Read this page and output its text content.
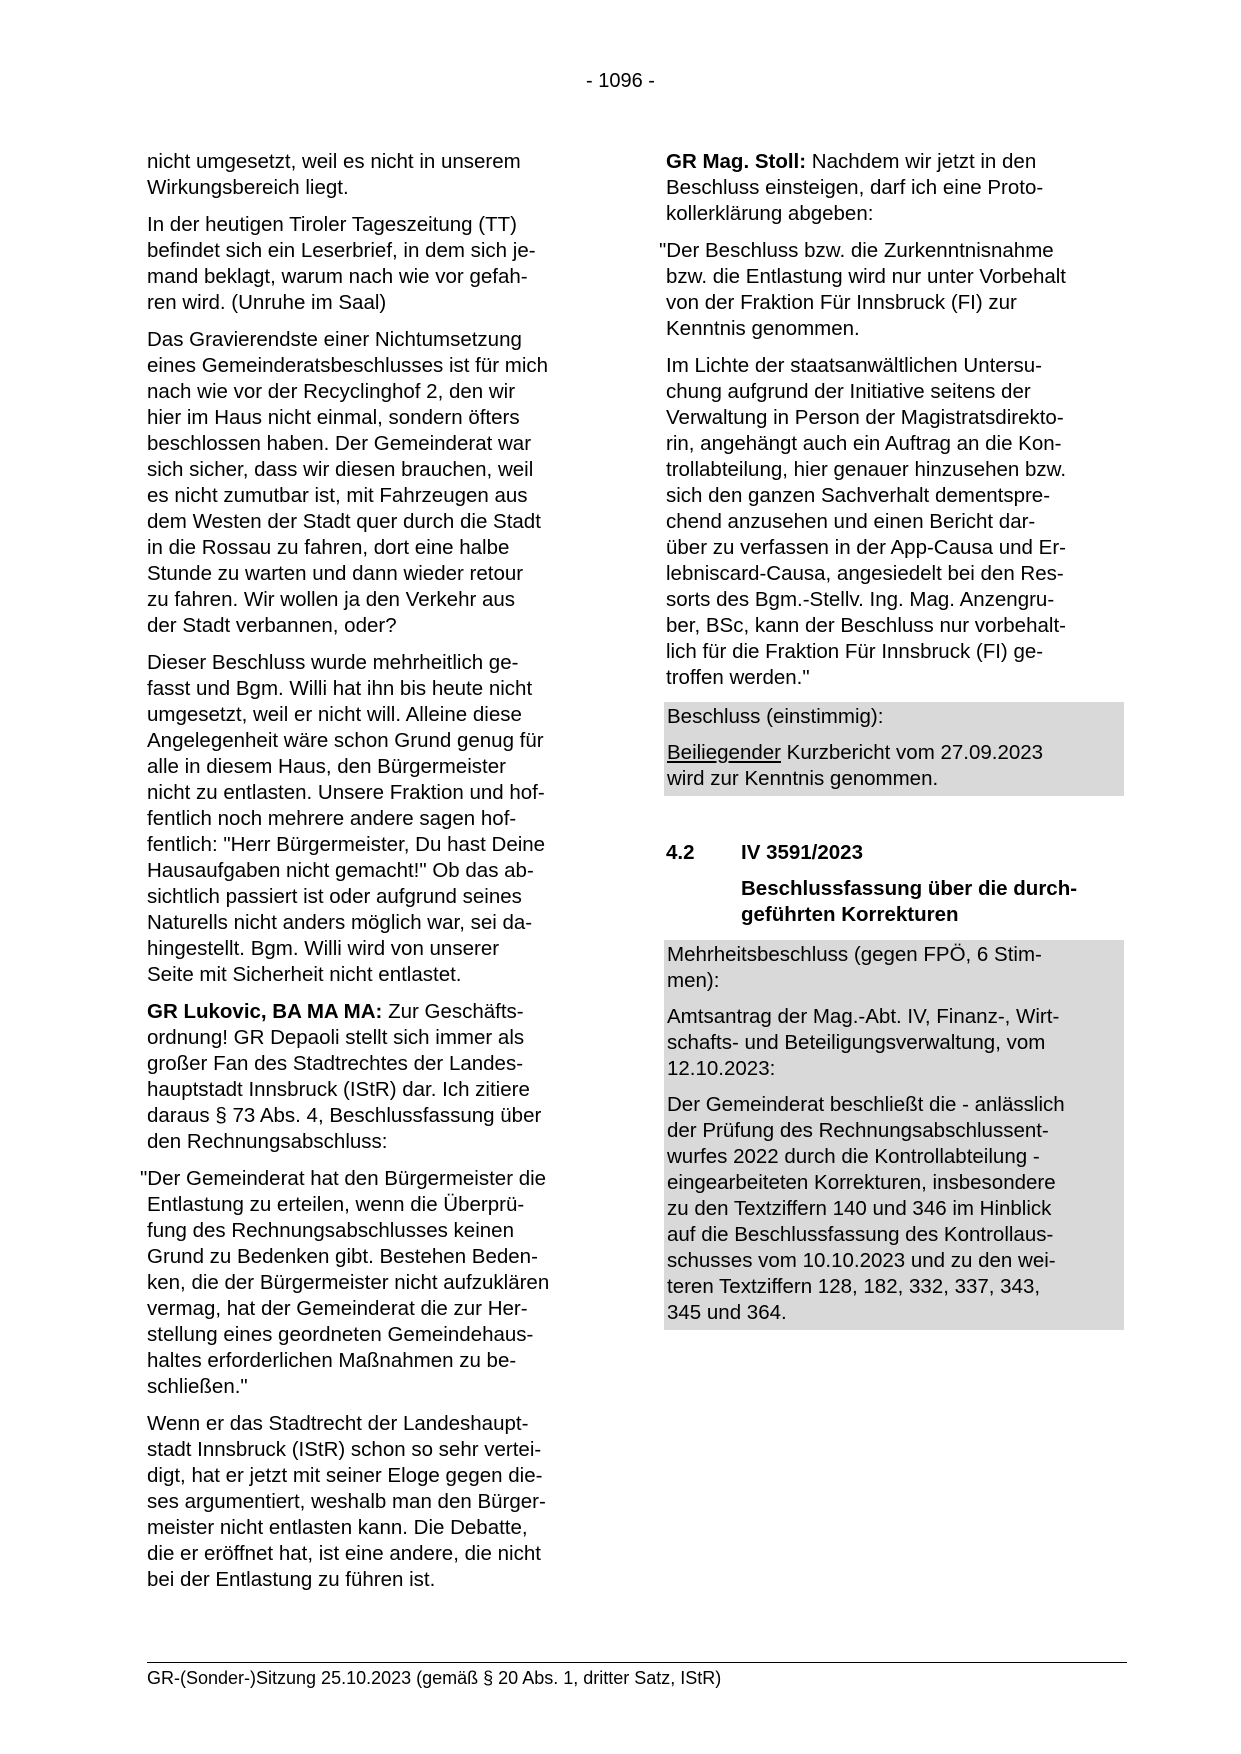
- 1096 -

nicht umgesetzt, weil es nicht in unserem
Wirkungsbereich liegt.

In der heutigen Tiroler Tageszeitung (TT)
befindet sich ein Leserbrief, in dem sich je-
mand beklagt, warum nach wie vor gefah-
ren wird. (Unruhe im Saal)

Das Gravierendste einer Nichtumsetzung
eines Gemeinderatsbeschlusses ist für mich
nach wie vor der Recyclinghof 2, den wir
hier im Haus nicht einmal, sondern öfters
beschlossen haben. Der Gemeinderat war
sich sicher, dass wir diesen brauchen, weil
es nicht zumutbar ist, mit Fahrzeugen aus
dem Westen der Stadt quer durch die Stadt
in die Rossau zu fahren, dort eine halbe
Stunde zu warten und dann wieder retour
zu fahren. Wir wollen ja den Verkehr aus
der Stadt verbannen, oder?

Dieser Beschluss wurde mehrheitlich ge-
fasst und Bgm. Willi hat ihn bis heute nicht
umgesetzt, weil er nicht will. Alleine diese
Angelegenheit wäre schon Grund genug für
alle in diesem Haus, den Bürgermeister
nicht zu entlasten. Unsere Fraktion und hof-
fentlich noch mehrere andere sagen hof-
fentlich: "Herr Bürgermeister, Du hast Deine
Hausaufgaben nicht gemacht!" Ob das ab-
sichtlich passiert ist oder aufgrund seines
Naturells nicht anders möglich war, sei da-
hingestellt. Bgm. Willi wird von unserer
Seite mit Sicherheit nicht entlastet.

GR Lukovic, BA MA MA: Zur Geschäfts-
ordnung! GR Depaoli stellt sich immer als
großer Fan des Stadtrechtes der Landes-
hauptstadt Innsbruck (IStR) dar. Ich zitiere
daraus § 73 Abs. 4, Beschlussfassung über
den Rechnungsabschluss:

"Der Gemeinderat hat den Bürgermeister die
Entlastung zu erteilen, wenn die Überprü-
fung des Rechnungsabschlusses keinen
Grund zu Bedenken gibt. Bestehen Beden-
ken, die der Bürgermeister nicht aufzuklären
vermag, hat der Gemeinderat die zur Her-
stellung eines geordneten Gemeindehaus-
haltes erforderlichen Maßnahmen zu be-
schließen."

Wenn er das Stadtrecht der Landeshaupt-
stadt Innsbruck (IStR) schon so sehr vertei-
digt, hat er jetzt mit seiner Eloge gegen die-
ses argumentiert, weshalb man den Bürger-
meister nicht entlasten kann. Die Debatte,
die er eröffnet hat, ist eine andere, die nicht
bei der Entlastung zu führen ist.

GR Mag. Stoll: Nachdem wir jetzt in den
Beschluss einsteigen, darf ich eine Proto-
kollerklärung abgeben:

"Der Beschluss bzw. die Zurkenntnisnahme
bzw. die Entlastung wird nur unter Vorbehalt
von der Fraktion Für Innsbruck (FI) zur
Kenntnis genommen.

Im Lichte der staatsanwältlichen Untersu-
chung aufgrund der Initiative seitens der
Verwaltung in Person der Magistratsdirekto-
rin, angehängt auch ein Auftrag an die Kon-
trollabteilung, hier genauer hinzusehen bzw.
sich den ganzen Sachverhalt dementspre-
chend anzusehen und einen Bericht dar-
über zu verfassen in der App-Causa und Er-
lebniscard-Causa, angesiedelt bei den Res-
sorts des Bgm.-Stellv. Ing. Mag. Anzengru-
ber, BSc, kann der Beschluss nur vorbehalt-
lich für die Fraktion Für Innsbruck (FI) ge-
troffen werden."

Beschluss (einstimmig):

Beiliegender Kurzbericht vom 27.09.2023
wird zur Kenntnis genommen.

4.2	IV 3591/2023
Beschlussfassung über die durch-
geführten Korrekturen

Mehrheitsbeschluss (gegen FPÖ, 6 Stim-
men):

Amtsantrag der Mag.-Abt. IV, Finanz-, Wirt-
schafts- und Beteiligungsverwaltung, vom
12.10.2023:

Der Gemeinderat beschließt die - anlässlich
der Prüfung des Rechnungsabschlussent-
wurfes 2022 durch die Kontrollabteilung -
eingearbeiteten Korrekturen, insbesondere
zu den Textziffern 140 und 346 im Hinblick
auf die Beschlussfassung des Kontrollaus-
schusses vom 10.10.2023 und zu den wei-
teren Textziffern 128, 182, 332, 337, 343,
345 und 364.

GR-(Sonder-)Sitzung 25.10.2023 (gemäß § 20 Abs. 1, dritter Satz, IStR)
